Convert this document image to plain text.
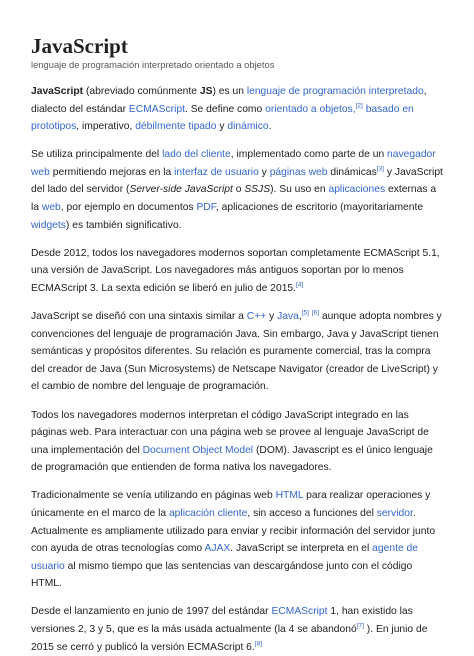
JavaScript
lenguaje de programación interpretado orientado a objetos

JavaScript (abreviado comúnmente JS) es un lenguaje de programación interpretado, dialecto del estándar ECMAScript. Se define como orientado a objetos,[2] basado en prototipos, imperativo, débilmente tipado y dinámico.

Se utiliza principalmente del lado del cliente, implementado como parte de un navegador web permitiendo mejoras en la interfaz de usuario y páginas web dinámicas[3] y JavaScript del lado del servidor (Server-side JavaScript o SSJS). Su uso en aplicaciones externas a la web, por ejemplo en documentos PDF, aplicaciones de escritorio (mayoritariamente widgets) es también significativo.

Desde 2012, todos los navegadores modernos soportan completamente ECMAScript 5.1, una versión de JavaScript. Los navegadores más antiguos soportan por lo menos ECMAScript 3. La sexta edición se liberó en julio de 2015.[4]

JavaScript se diseñó con una sintaxis similar a C++ y Java,[5] [6] aunque adopta nombres y convenciones del lenguaje de programación Java. Sin embargo, Java y JavaScript tienen semánticas y propósitos diferentes. Su relación es puramente comercial, tras la compra del creador de Java (Sun Microsystems) de Netscape Navigator (creador de LiveScript) y el cambio de nombre del lenguaje de programación.

Todos los navegadores modernos interpretan el código JavaScript integrado en las páginas web. Para interactuar con una página web se provee al lenguaje JavaScript de una implementación del Document Object Model (DOM). Javascript es el único lenguaje de programación que entienden de forma nativa los navegadores.

Tradicionalmente se venía utilizando en páginas web HTML para realizar operaciones y únicamente en el marco de la aplicación cliente, sin acceso a funciones del servidor. Actualmente es ampliamente utilizado para enviar y recibir información del servidor junto con ayuda de otras tecnologías como AJAX. JavaScript se interpreta en el agente de usuario al mismo tiempo que las sentencias van descargándose junto con el código HTML.

Desde el lanzamiento en junio de 1997 del estándar ECMAScript 1, han existido las versiones 2, 3 y 5, que es la más usada actualmente (la 4 se abandonó[7] ). En junio de 2015 se cerró y publicó la versión ECMAScript 6.[8]
